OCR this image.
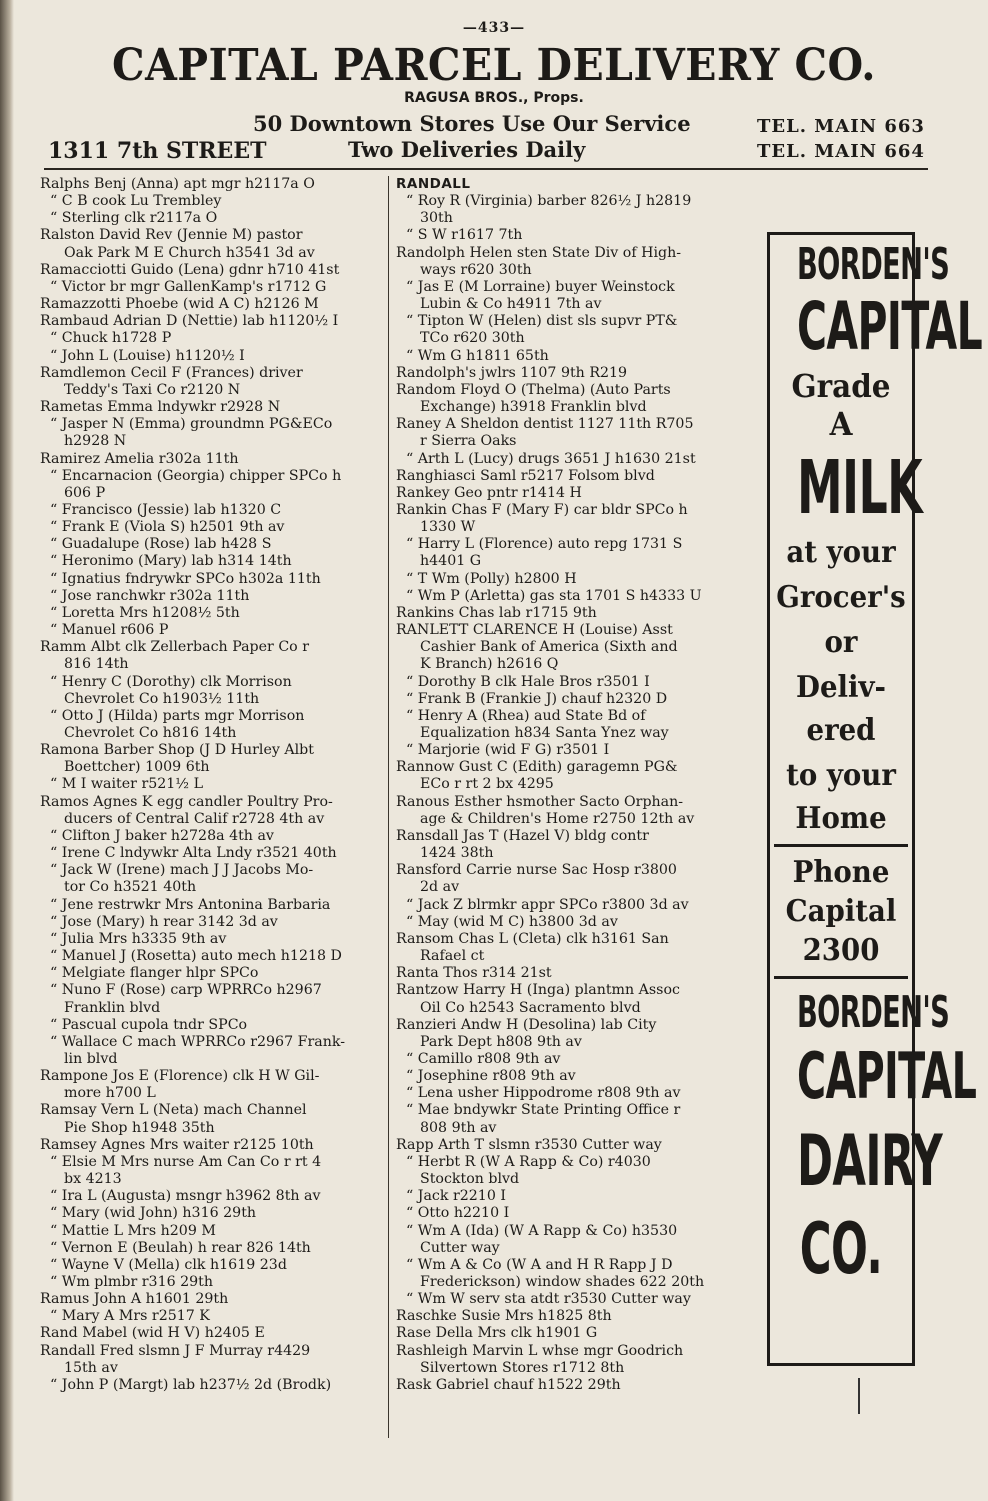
—433—
CAPITAL PARCEL DELIVERY CO.
RAGUSA BROS., Props.
50 Downtown Stores Use Our Service
Two Deliveries Daily
1311 7th STREET
TEL. MAIN 663
TEL. MAIN 664
Ralphs Benj (Anna) apt mgr h2117a O
“ C B cook Lu Trembley
“ Sterling clk r2117a O
Ralston David Rev (Jennie M) pastor
Oak Park M E Church h3541 3d av
Ramacciotti Guido (Lena) gdnr h710 41st
“ Victor br mgr GallenKamp's r1712 G
Ramazzotti Phoebe (wid A C) h2126 M
Rambaud Adrian D (Nettie) lab h1120½ I
“ Chuck h1728 P
“ John L (Louise) h1120½ I
Ramdlemon Cecil F (Frances) driver
Teddy's Taxi Co r2120 N
Rametas Emma lndywkr r2928 N
“ Jasper N (Emma) groundmn PG&ECo
h2928 N
Ramirez Amelia r302a 11th
“ Encarnacion (Georgia) chipper SPCo h
606 P
“ Francisco (Jessie) lab h1320 C
“ Frank E (Viola S) h2501 9th av
“ Guadalupe (Rose) lab h428 S
“ Heronimo (Mary) lab h314 14th
“ Ignatius fndrywkr SPCo h302a 11th
“ Jose ranchwkr r302a 11th
“ Loretta Mrs h1208½ 5th
“ Manuel r606 P
Ramm Albt clk Zellerbach Paper Co r
816 14th
“ Henry C (Dorothy) clk Morrison
Chevrolet Co h1903½ 11th
“ Otto J (Hilda) parts mgr Morrison
Chevrolet Co h816 14th
Ramona Barber Shop (J D Hurley Albt
Boettcher) 1009 6th
“ M I waiter r521½ L
Ramos Agnes K egg candler Poultry Pro-
ducers of Central Calif r2728 4th av
“ Clifton J baker h2728a 4th av
“ Irene C lndywkr Alta Lndy r3521 40th
“ Jack W (Irene) mach J J Jacobs Mo-
tor Co h3521 40th
“ Jene restrwkr Mrs Antonina Barbaria
“ Jose (Mary) h rear 3142 3d av
“ Julia Mrs h3335 9th av
“ Manuel J (Rosetta) auto mech h1218 D
“ Melgiate flanger hlpr SPCo
“ Nuno F (Rose) carp WPRRCo h2967
Franklin blvd
“ Pascual cupola tndr SPCo
“ Wallace C mach WPRRCo r2967 Frank-
lin blvd
Rampone Jos E (Florence) clk H W Gil-
more h700 L
Ramsay Vern L (Neta) mach Channel
Pie Shop h1948 35th
Ramsey Agnes Mrs waiter r2125 10th
“ Elsie M Mrs nurse Am Can Co r rt 4
bx 4213
“ Ira L (Augusta) msngr h3962 8th av
“ Mary (wid John) h316 29th
“ Mattie L Mrs h209 M
“ Vernon E (Beulah) h rear 826 14th
“ Wayne V (Mella) clk h1619 23d
“ Wm plmbr r316 29th
Ramus John A h1601 29th
“ Mary A Mrs r2517 K
Rand Mabel (wid H V) h2405 E
Randall Fred slsmn J F Murray r4429
15th av
“ John P (Margt) lab h237½ 2d (Brodk)
RANDALL
“ Roy R (Virginia) barber 826½ J h2819
30th
“ S W r1617 7th
Randolph Helen sten State Div of High-
ways r620 30th
“ Jas E (M Lorraine) buyer Weinstock
Lubin & Co h4911 7th av
“ Tipton W (Helen) dist sls supvr PT&
TCo r620 30th
“ Wm G h1811 65th
Randolph's jwlrs 1107 9th R219
Random Floyd O (Thelma) (Auto Parts
Exchange) h3918 Franklin blvd
Raney A Sheldon dentist 1127 11th R705
r Sierra Oaks
“ Arth L (Lucy) drugs 3651 J h1630 21st
Ranghiasci Saml r5217 Folsom blvd
Rankey Geo pntr r1414 H
Rankin Chas F (Mary F) car bldr SPCo h
1330 W
“ Harry L (Florence) auto repg 1731 S
h4401 G
“ T Wm (Polly) h2800 H
“ Wm P (Arletta) gas sta 1701 S h4333 U
Rankins Chas lab r1715 9th
RANLETT CLARENCE H (Louise) Asst
Cashier Bank of America (Sixth and
K Branch) h2616 Q
“ Dorothy B clk Hale Bros r3501 I
“ Frank B (Frankie J) chauf h2320 D
“ Henry A (Rhea) aud State Bd of
Equalization h834 Santa Ynez way
“ Marjorie (wid F G) r3501 I
Rannow Gust C (Edith) garagemn PG&
ECo r rt 2 bx 4295
Ranous Esther hsmother Sacto Orphan-
age & Children's Home r2750 12th av
Ransdall Jas T (Hazel V) bldg contr
1424 38th
Ransford Carrie nurse Sac Hosp r3800
2d av
“ Jack Z blrmkr appr SPCo r3800 3d av
“ May (wid M C) h3800 3d av
Ransom Chas L (Cleta) clk h3161 San
Rafael ct
Ranta Thos r314 21st
Rantzow Harry H (Inga) plantmn Assoc
Oil Co h2543 Sacramento blvd
Ranzieri Andw H (Desolina) lab City
Park Dept h808 9th av
“ Camillo r808 9th av
“ Josephine r808 9th av
“ Lena usher Hippodrome r808 9th av
“ Mae bndywkr State Printing Office r
808 9th av
Rapp Arth T slsmn r3530 Cutter way
“ Herbt R (W A Rapp & Co) r4030
Stockton blvd
“ Jack r2210 I
“ Otto h2210 I
“ Wm A (Ida) (W A Rapp & Co) h3530
Cutter way
“ Wm A & Co (W A and H R Rapp J D
Frederickson) window shades 622 20th
“ Wm W serv sta atdt r3530 Cutter way
Raschke Susie Mrs h1825 8th
Rase Della Mrs clk h1901 G
Rashleigh Marvin L whse mgr Goodrich
Silvertown Stores r1712 8th
Rask Gabriel chauf h1522 29th
BORDEN'S
CAPITAL
Grade A
MILK
at your
Grocer's
or
Deliv-
ered
to your
Home
Phone
Capital
2300
BORDEN'S
CAPITAL
DAIRY
CO.
